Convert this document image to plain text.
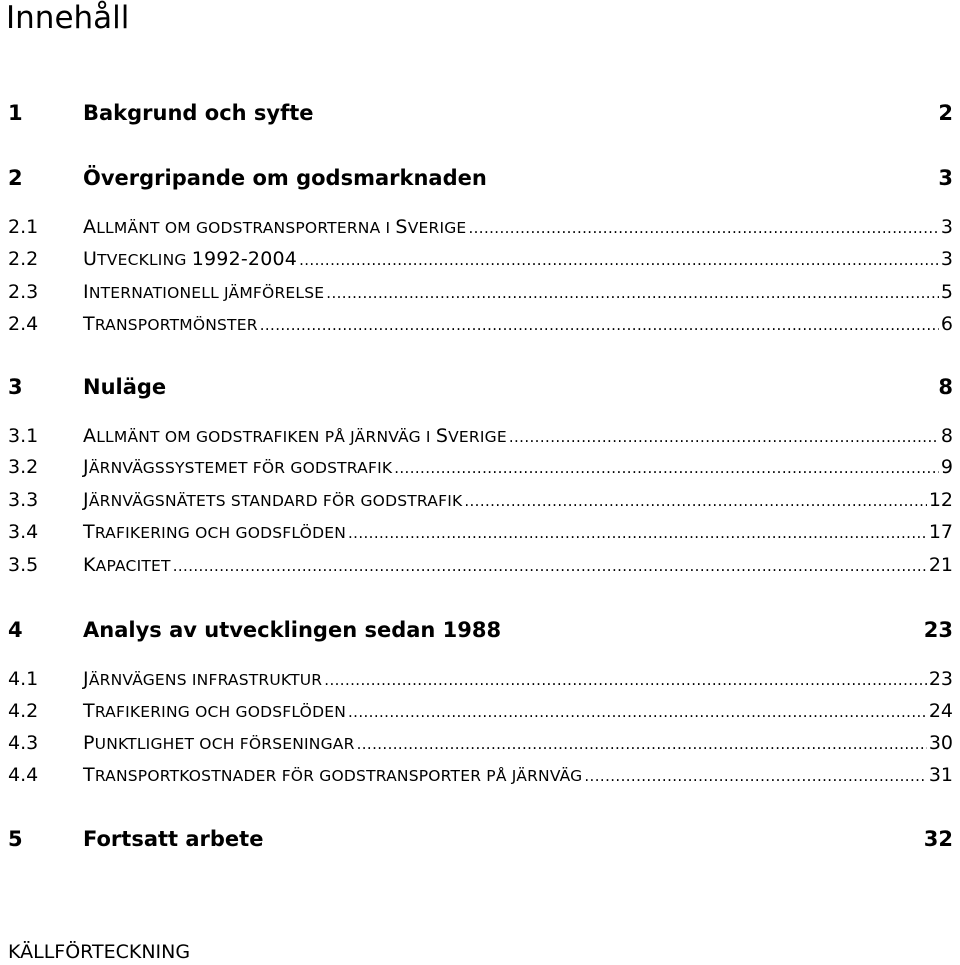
Innehåll
1	Bakgrund och syfte	2
2	Övergripande om godsmarknaden	3
2.1	ALLMÄNT OM GODSTRANSPORTERNA I SVERIGE .....	3
2.2	UTVECKLING 1992-2004 .....	3
2.3	INTERNATIONELL JÄMFÖRELSE .....	5
2.4	TRANSPORTMÖNSTER .....	6
3	Nuläge	8
3.1	ALLMÄNT OM GODSTRAFIKEN PÅ JÄRNVÄG I SVERIGE .....	8
3.2	JÄRNVÄGSSYSTEMET FÖR GODSTRAFIK .....	9
3.3	JÄRNVÄGSNÄTETS STANDARD FÖR GODSTRAFIK .....	12
3.4	TRAFIKERING OCH GODSFLÖDEN .....	17
3.5	KAPACITET .....	21
4	Analys av utvecklingen sedan 1988	23
4.1	JÄRNVÄGENS INFRASTRUKTUR .....	23
4.2	TRAFIKERING OCH GODSFLÖDEN .....	24
4.3	PUNKTLIGHET OCH FÖRSENINGAR .....	30
4.4	TRANSPORTKOSTNADER FÖR GODSTRANSPORTER PÅ JÄRNVÄG .....	31
5	Fortsatt arbete	32
KÄLLFÖRTECKNING
